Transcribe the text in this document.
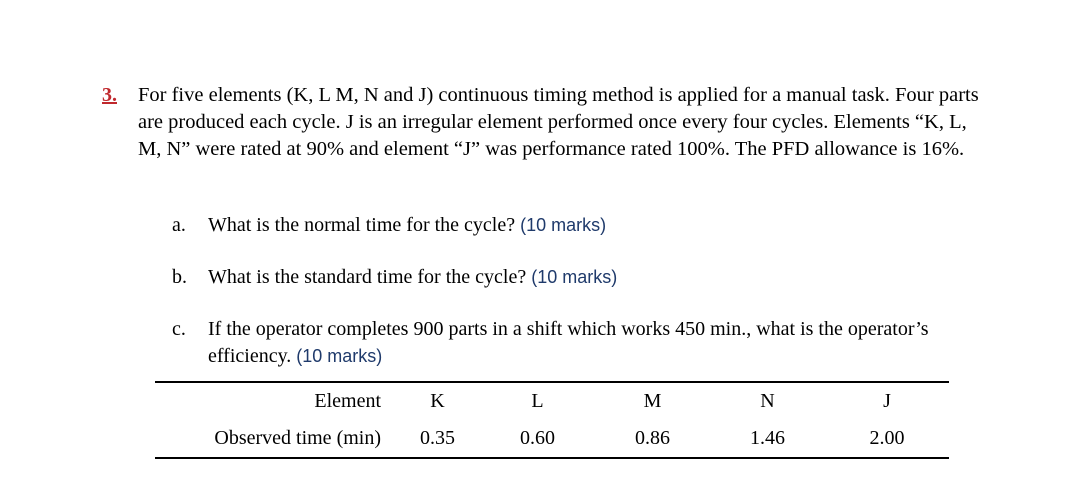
3. For five elements (K, L M, N and J) continuous timing method is applied for a manual task. Four parts are produced each cycle. J is an irregular element performed once every four cycles. Elements “K, L, M, N” were rated at 90% and element “J” was performance rated 100%. The PFD allowance is 16%.
a.	What is the normal time for the cycle? (10 marks)
b.	What is the standard time for the cycle? (10 marks)
c.	If the operator completes 900 parts in a shift which works 450 min., what is the operator’s efficiency. (10 marks)
Element	K	L	M	N	J
Observed time (min)	0.35	0.60	0.86	1.46	2.00
